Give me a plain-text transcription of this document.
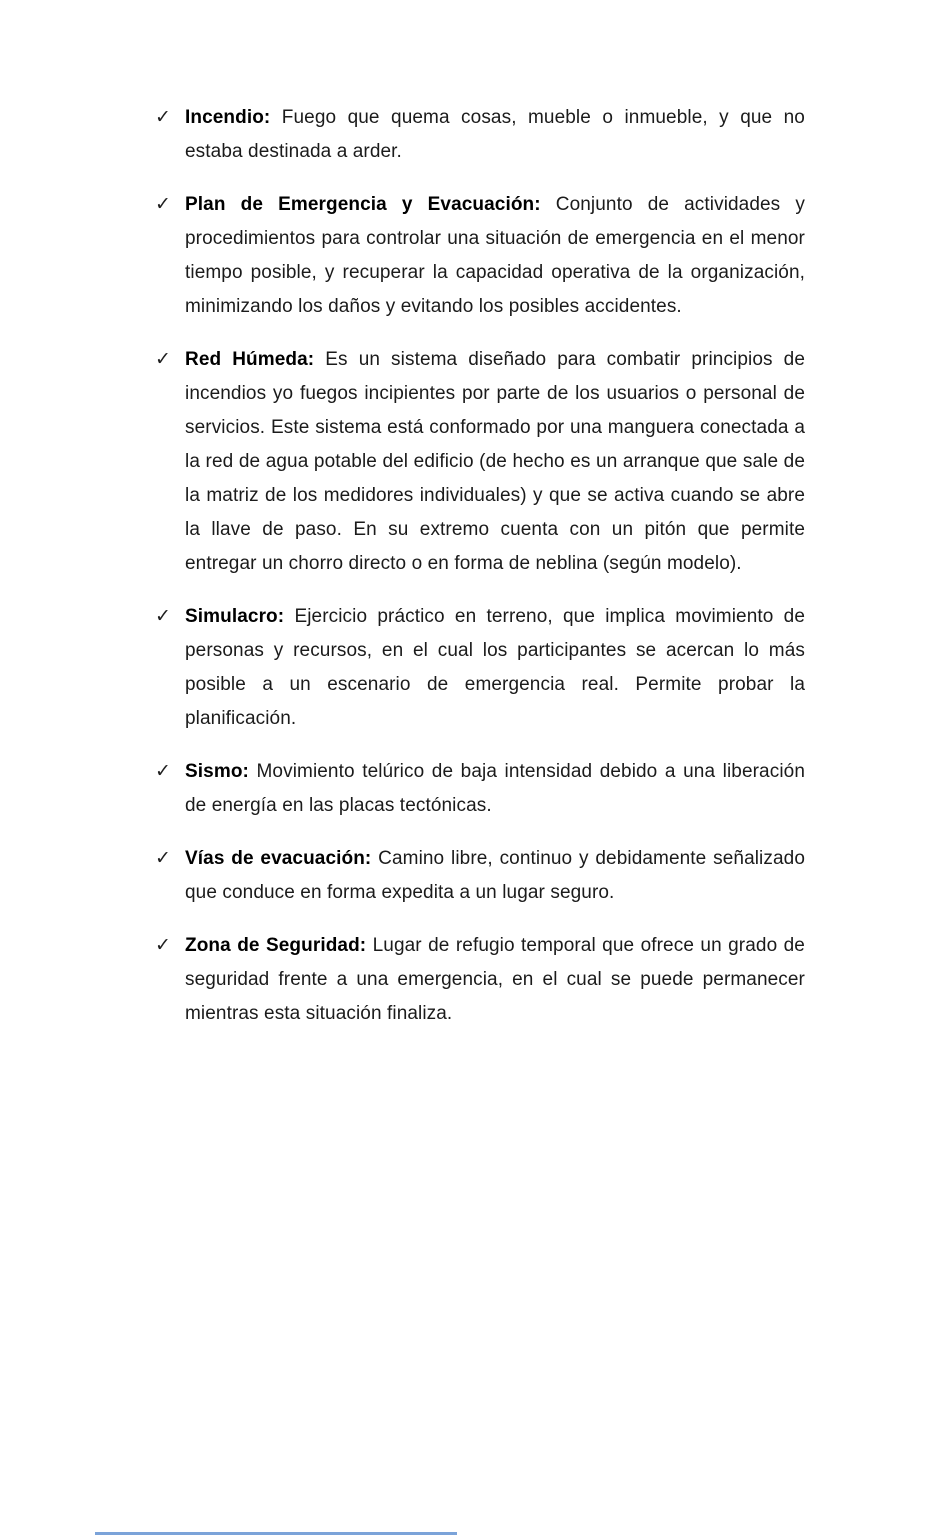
✓ Incendio: Fuego que quema cosas, mueble o inmueble, y que no estaba destinada a arder.

✓ Plan de Emergencia y Evacuación: Conjunto de actividades y procedimientos para controlar una situación de emergencia en el menor tiempo posible, y recuperar la capacidad operativa de la organización, minimizando los daños y evitando los posibles accidentes.

✓ Red Húmeda: Es un sistema diseñado para combatir principios de incendios yo fuegos incipientes por parte de los usuarios o personal de servicios. Este sistema está conformado por una manguera conectada a la red de agua potable del edificio (de hecho es un arranque que sale de la matriz de los medidores individuales) y que se activa cuando se abre la llave de paso. En su extremo cuenta con un pitón que permite entregar un chorro directo o en forma de neblina (según modelo).

✓ Simulacro: Ejercicio práctico en terreno, que implica movimiento de personas y recursos, en el cual los participantes se acercan lo más posible a un escenario de emergencia real. Permite probar la planificación.

✓ Sismo: Movimiento telúrico de baja intensidad debido a una liberación de energía en las placas tectónicas.

✓ Vías de evacuación: Camino libre, continuo y debidamente señalizado que conduce en forma expedita a un lugar seguro.

✓ Zona de Seguridad: Lugar de refugio temporal que ofrece un grado de seguridad frente a una emergencia, en el cual se puede permanecer mientras esta situación finaliza.
